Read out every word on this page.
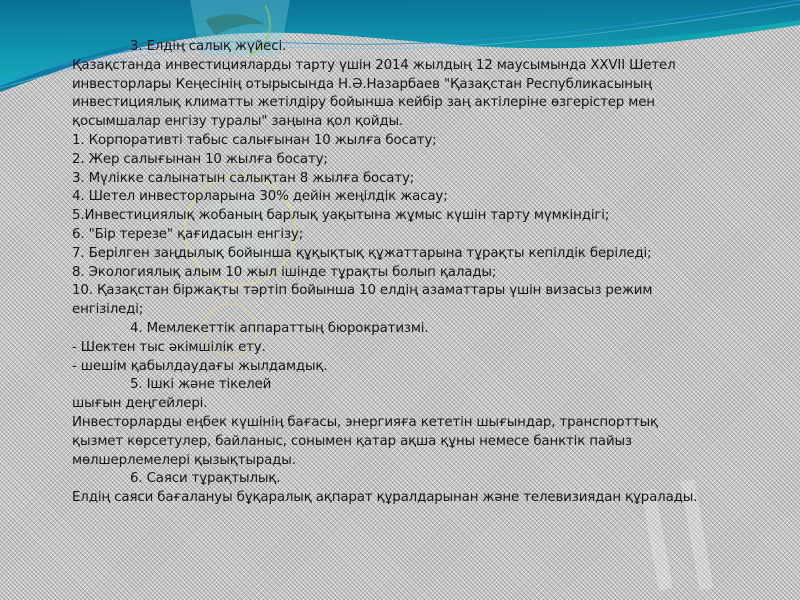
3. Елдің салық жүйесі.
Қазақстанда инвестицияларды тарту үшін 2014 жылдың 12 маусымында XXVII Шетел
инвесторлары Кеңесінің отырысында Н.Ә.Назарбаев "Қазақстан Республикасының
инвестициялық климатты жетілдіру бойынша кейбір заң актілеріне өзгерістер мен
қосымшалар енгізу туралы" заңына қол қойды.
1. Корпоративті табыс салығынан 10 жылға босату;
2. Жер салығынан 10 жылға босату;
3. Мүлікке салынатын салықтан 8 жылға босату;
4. Шетел инвесторларына 30% дейін жеңілдік жасау;
5.Инвестициялық жобаның барлық уақытына жұмыс күшін тарту мүмкіндігі;
6. "Бір терезе" қағидасын енгізу;
7. Берілген заңдылық бойынша құқықтық құжаттарына тұрақты кепілдік беріледі;
8. Экологиялық алым 10 жыл ішінде тұрақты болып қалады;
10. Қазақстан біржақты тәртіп бойынша 10 елдің азаматтары үшін визасыз режим
енгізіледі;
4. Мемлекеттік аппараттың бюрократизмі.
- Шектен тыс әкімшілік ету.
- шешім қабылдаудағы жылдамдық.
5. Ішкі және тікелей
шығын деңгейлері.
Инвесторларды еңбек күшінің бағасы, энергияға кететін шығындар, транспорттық
қызмет көрсетулер, байланыс, сонымен қатар ақша құны немесе банктік пайыз
мөлшерлемелері қызықтырады.
6. Саяси тұрақтылық.
Елдің саяси бағалануы бұқаралық ақпарат құралдарынан және телевизиядан құралады.
